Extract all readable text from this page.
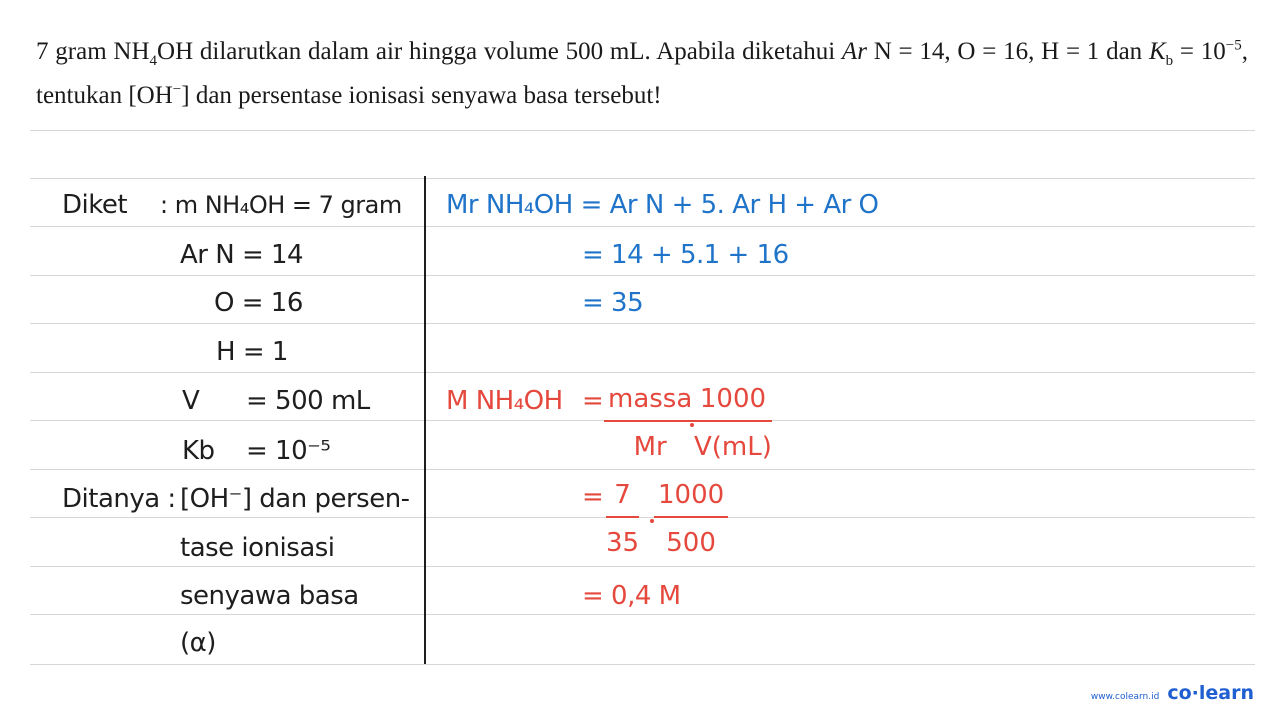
7 gram $NH_4OH$ dilarutkan dalam air hingga volume 500 mL. Apabila diketahui Ar N = 14, O = 16, H = 1 dan $K_b = 10^{-5}$, tentukan [OH−] dan persentase ionisasi senyawa basa tersebut!
Diket : m NH₄OH = 7 gram
Ar N = 14
O = 16
H = 1
V = 500 mL
Kb = 10⁻⁵
Ditanya : [OH⁻] dan persen-
tase ionisasi
senyawa basa
(α)
Mr NH₄OH = Ar N + 5. Ar H + Ar O
= 14 + 5.1 + 16
= 35
M NH₄OH = massa
Mr	$\frac{1000}{V(mL)}$
= $\frac{7}{35} \frac{1000}{500}$
= 0,4 M
www.colearn.id co·learn
